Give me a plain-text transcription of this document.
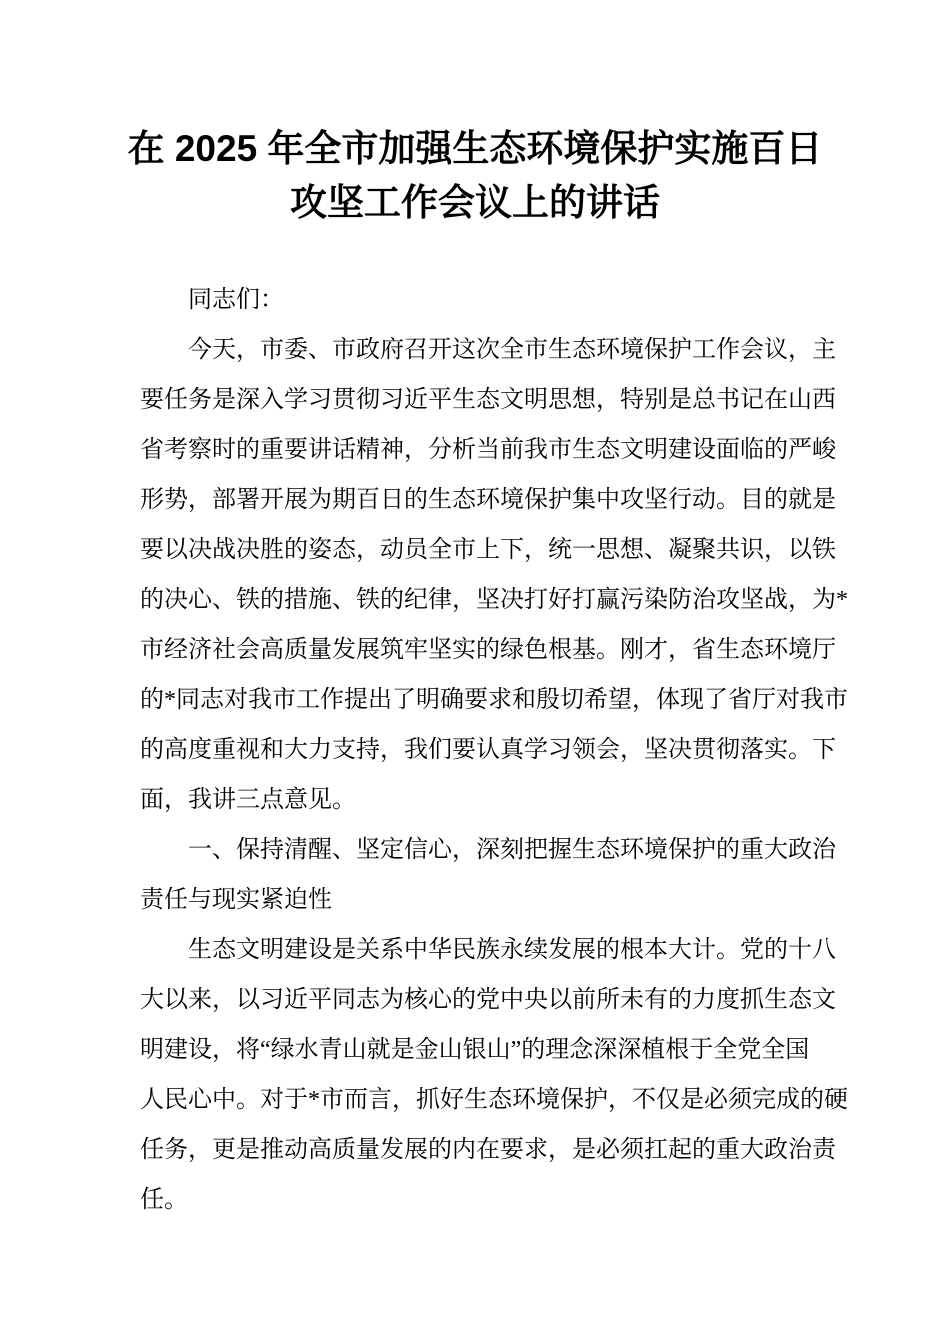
在 2025 年全市加强生态环境保护实施百日
攻坚工作会议上的讲话
同志们：
今天，市委、市政府召开这次全市生态环境保护工作会议，主
要任务是深入学习贯彻习近平生态文明思想，特别是总书记在山西
省考察时的重要讲话精神，分析当前我市生态文明建设面临的严峻
形势，部署开展为期百日的生态环境保护集中攻坚行动。目的就是
要以决战决胜的姿态，动员全市上下，统一思想、凝聚共识，以铁
的决心、铁的措施、铁的纪律，坚决打好打赢污染防治攻坚战，为*
市经济社会高质量发展筑牢坚实的绿色根基。刚才，省生态环境厅
的*同志对我市工作提出了明确要求和殷切希望，体现了省厅对我市
的高度重视和大力支持，我们要认真学习领会，坚决贯彻落实。下
面，我讲三点意见。
一、保持清醒、坚定信心，深刻把握生态环境保护的重大政治
责任与现实紧迫性
生态文明建设是关系中华民族永续发展的根本大计。党的十八
大以来，以习近平同志为核心的党中央以前所未有的力度抓生态文
明建设，将“绿水青山就是金山银山”的理念深深植根于全党全国
人民心中。对于*市而言，抓好生态环境保护，不仅是必须完成的硬
任务，更是推动高质量发展的内在要求，是必须扛起的重大政治责
任。
